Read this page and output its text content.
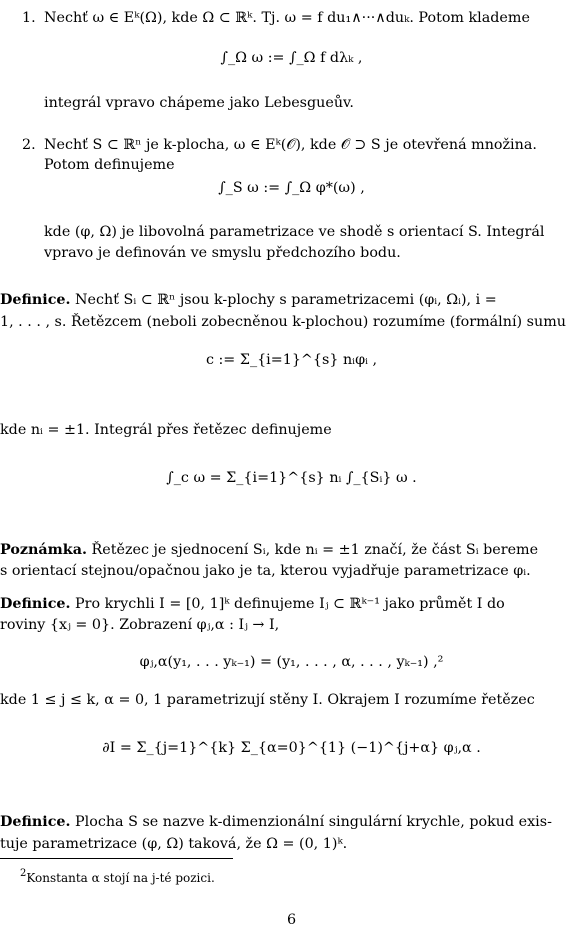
1. Nechť ω ∈ Eᵏ(Ω), kde Ω ⊂ ℝᵏ. Tj. ω = f du₁∧···∧duₖ. Potom klademe
∫_Ω ω := ∫_Ω f dλₖ ,
integrál vpravo chápeme jako Lebesgueův.
2. Nechť S ⊂ ℝⁿ je k-plocha, ω ∈ Eᵏ(𝒪), kde 𝒪 ⊃ S je otevřená množina.
Potom definujeme
∫_S ω := ∫_Ω φ*(ω) ,
kde (φ, Ω) je libovolná parametrizace ve shodě s orientací S. Integrál
vpravo je definován ve smyslu předchozího bodu.
Definice. Nechť Sᵢ ⊂ ℝⁿ jsou k-plochy s parametrizacemi (φᵢ, Ωᵢ), i =
1, . . . , s. Řetězcem (neboli zobecněnou k-plochou) rozumíme (formální) sumu
c := Σ_{i=1}^{s} nᵢφᵢ ,
kde nᵢ = ±1. Integrál přes řetězec definujeme
∫_c ω = Σ_{i=1}^{s} nᵢ ∫_{Sᵢ} ω .
Poznámka. Řetězec je sjednocení Sᵢ, kde nᵢ = ±1 značí, že část Sᵢ bereme
s orientací stejnou/opačnou jako je ta, kterou vyjadřuje parametrizace φᵢ.
Definice. Pro krychli I = [0, 1]ᵏ definujeme Iⱼ ⊂ ℝᵏ⁻¹ jako průmět I do
roviny {xⱼ = 0}. Zobrazení φⱼ,α : Iⱼ → I,
φⱼ,α(y₁, . . . yₖ₋₁) = (y₁, . . . , α, . . . , yₖ₋₁) ,²
kde 1 ≤ j ≤ k, α = 0, 1 parametrizují stěny I. Okrajem I rozumíme řetězec
∂I = Σ_{j=1}^{k} Σ_{α=0}^{1} (−1)^{j+α} φⱼ,α .
Definice. Plocha S se nazve k-dimenzionální singulární krychle, pokud exis-
tuje parametrizace (φ, Ω) taková, že Ω = (0, 1)ᵏ.
$^2$Konstanta α stojí na j-té pozici.
6
